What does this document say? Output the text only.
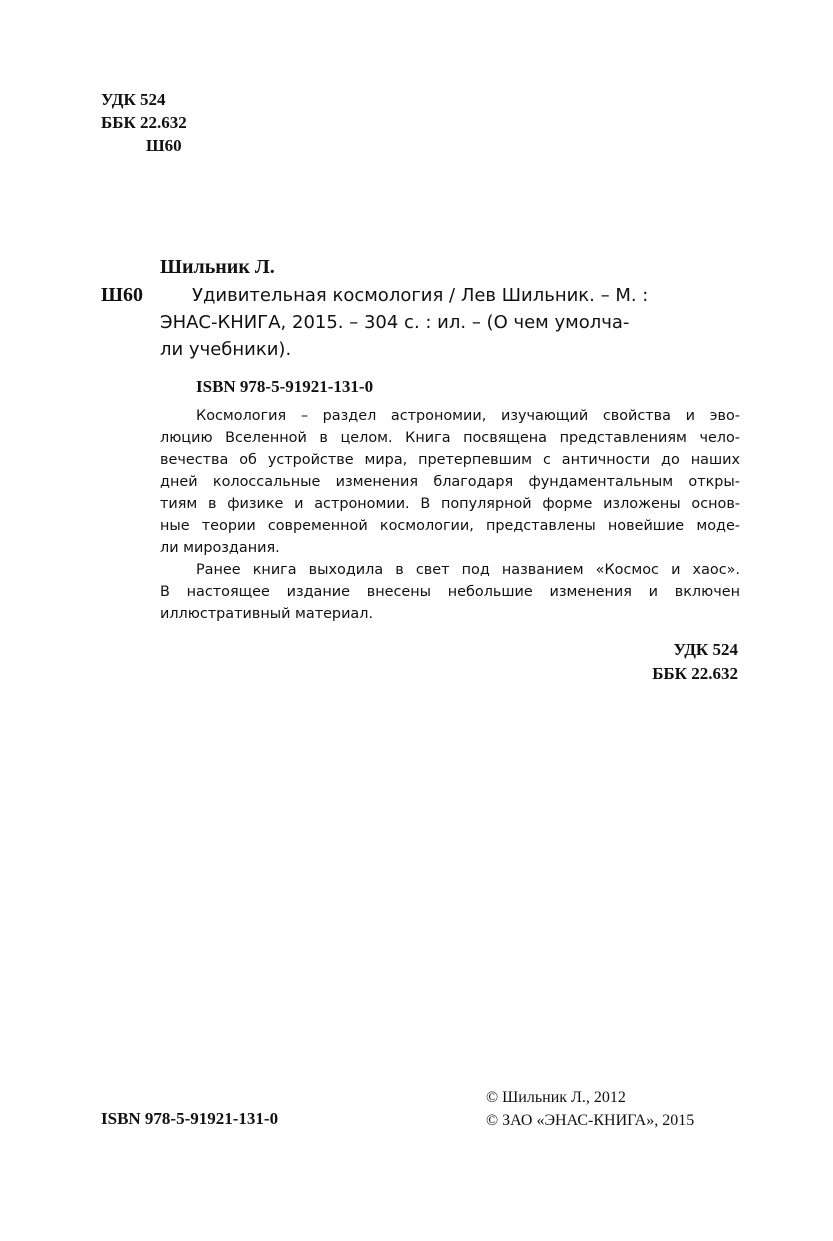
УДК 524
ББК 22.632
Ш60
Шильник Л.
Ш60	Удивительная космология / Лев Шильник. – М. :
ЭНАС-КНИГА, 2015. – 304 с. : ил. – (О чем умолча-
ли учебники).
ISBN 978-5-91921-131-0
Космология – раздел астрономии, изучающий свойства и эво-
люцию Вселенной в целом. Книга посвящена представлениям чело-
вечества об устройстве мира, претерпевшим с античности до наших
дней колоссальные изменения благодаря фундаментальным откры-
тиям в физике и астрономии. В популярной форме изложены основ-
ные теории современной космологии, представлены новейшие моде-
ли мироздания.
Ранее книга выходила в свет под названием «Космос и хаос».
В настоящее издание внесены небольшие изменения и включен
иллюстративный материал.
УДК 524
ББК 22.632
ISBN 978-5-91921-131-0
© Шильник Л., 2012
© ЗАО «ЭНАС-КНИГА», 2015
